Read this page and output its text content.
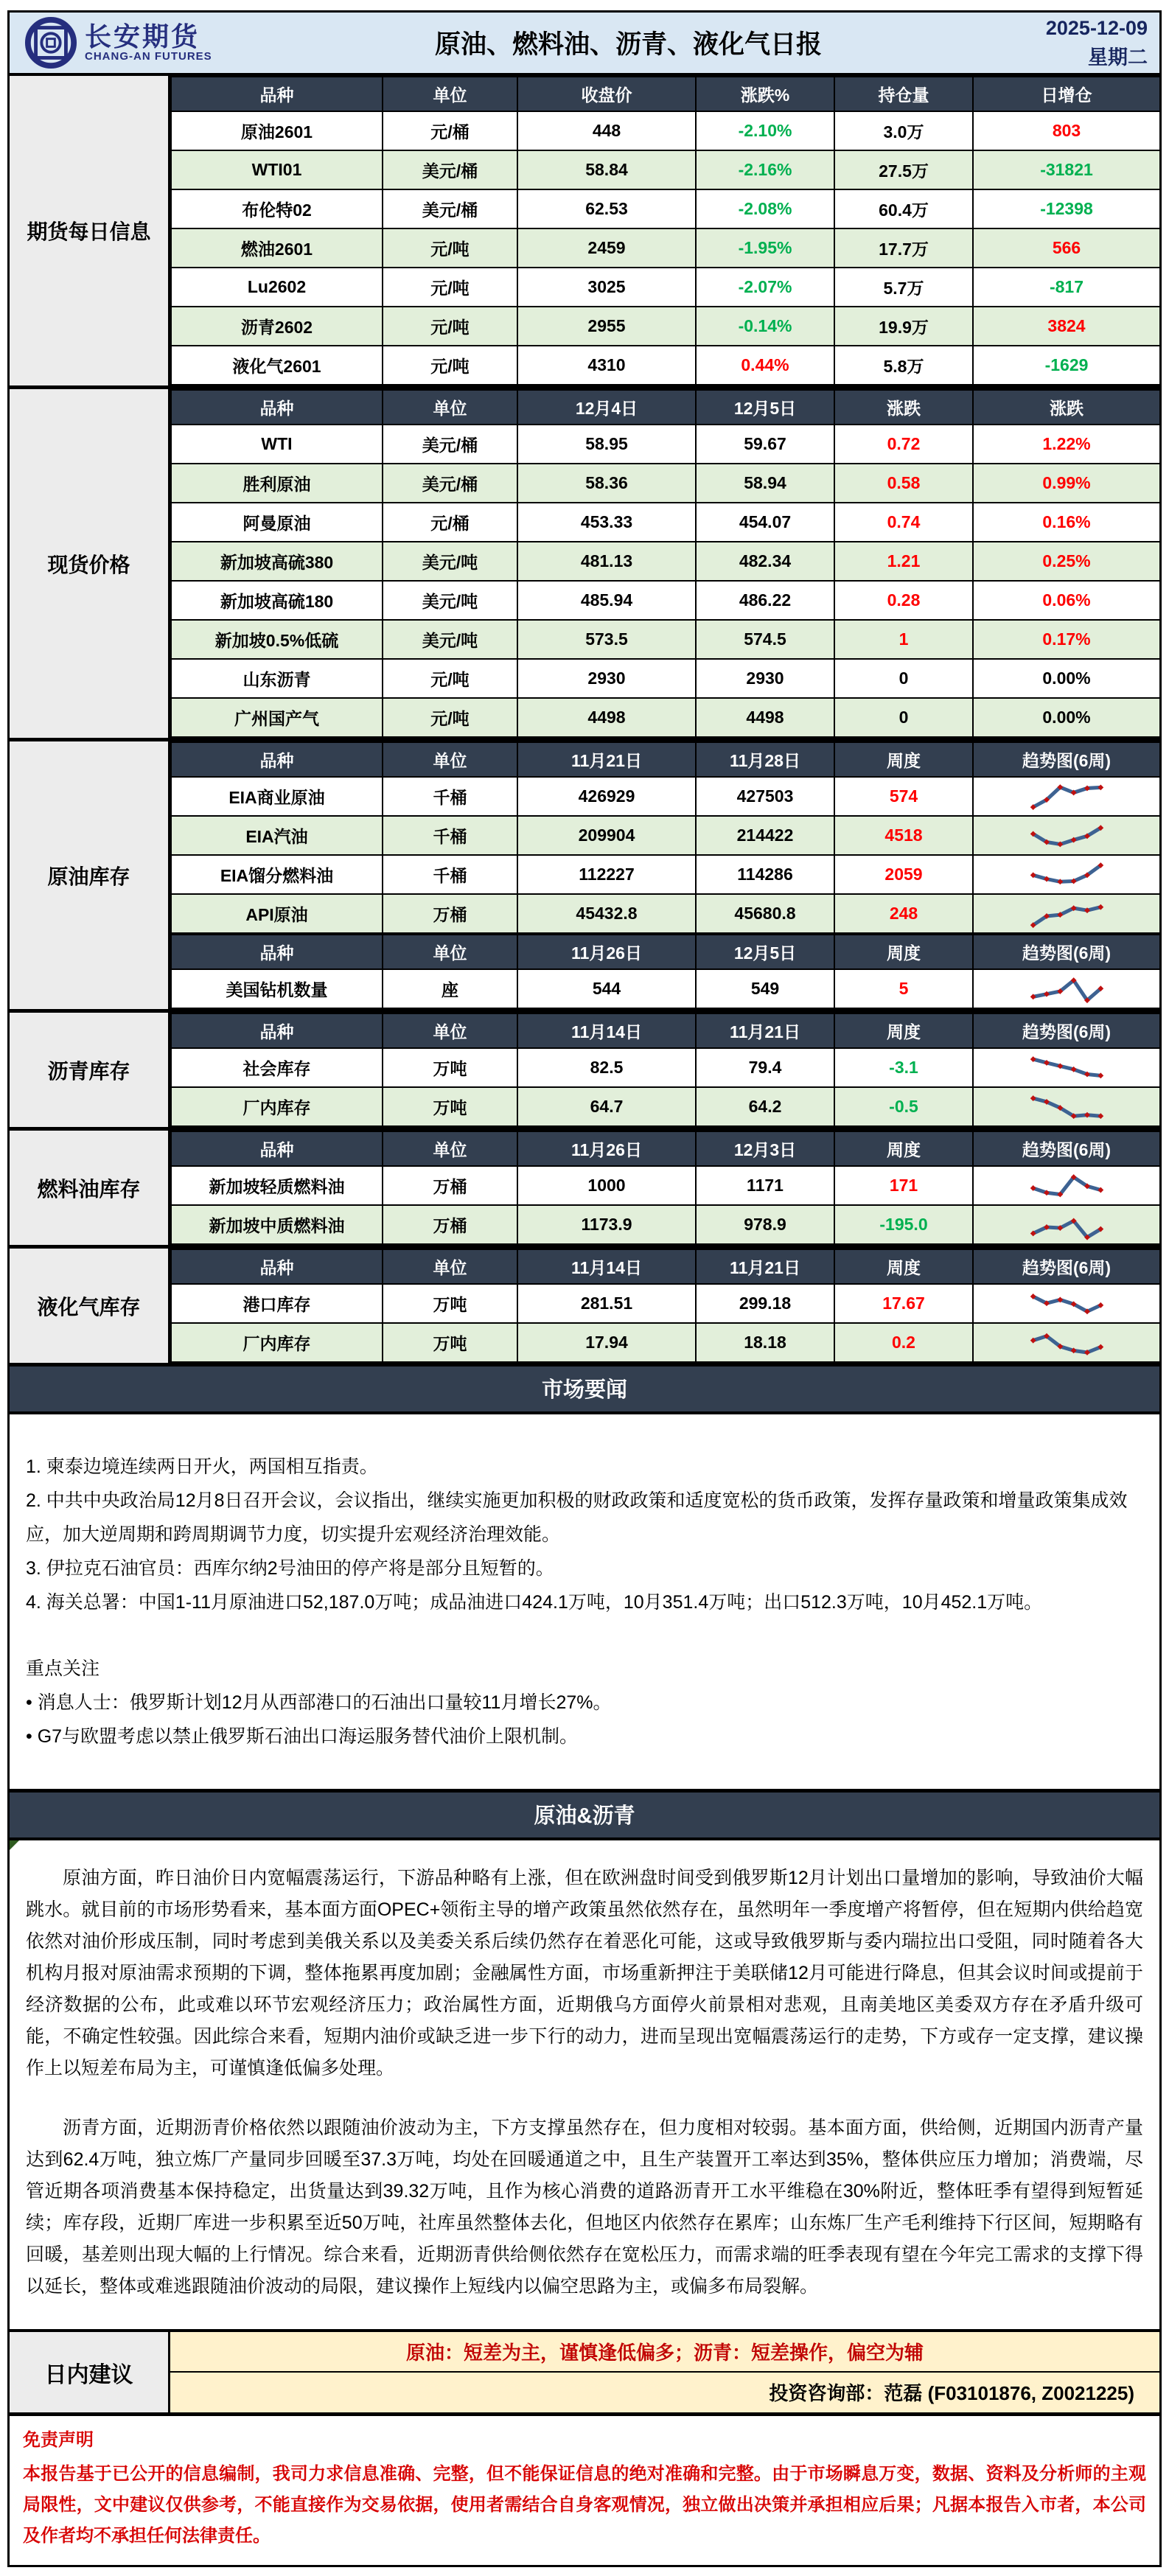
长安期货
CHANG-AN FUTURES	原油、燃料油、沥青、液化气日报
2025-12-09
星期二
期货每日信息
品种	单位	收盘价	涨跌%	持仓量	日增仓
原油2601	元/桶	448	-2.10%	3.0万	803
WTI01	美元/桶	58.84	-2.16%	27.5万	-31821
布伦特02	美元/桶	62.53	-2.08%	60.4万	-12398
燃油2601	元/吨	2459	-1.95%	17.7万	566
Lu2602	元/吨	3025	-2.07%	5.7万	-817
沥青2602	元/吨	2955	-0.14%	19.9万	3824
液化气2601	元/吨	4310	0.44%	5.8万	-1629
现货价格
品种	单位	12月4日	12月5日	涨跌	涨跌
WTI	美元/桶	58.95	59.67	0.72	1.22%
胜利原油	美元/桶	58.36	58.94	0.58	0.99%
阿曼原油	元/桶	453.33	454.07	0.74	0.16%
新加坡高硫380	美元/吨	481.13	482.34	1.21	0.25%
新加坡高硫180	美元/吨	485.94	486.22	0.28	0.06%
新加坡0.5%低硫	美元/吨	573.5	574.5	1	0.17%
山东沥青	元/吨	2930	2930	0	0.00%
广州国产气	元/吨	4498	4498	0	0.00%
原油库存
品种	单位	11月21日	11月28日	周度	趋势图(6周)
EIA商业原油	千桶	426929	427503	574	

EIA汽油	千桶	209904	214422	4518	

EIA馏分燃料油	千桶	112227	114286	2059	

API原油	万桶	45432.8	45680.8	248	
品种	单位	11月26日	12月5日	周度	趋势图(6周)
美国钻机数量	座	544	549	5	
沥青库存
品种	单位	11月14日	11月21日	周度	趋势图(6周)
社会库存	万吨	82.5	79.4	-3.1	

厂内库存	万吨	64.7	64.2	-0.5	
燃料油库存
品种	单位	11月26日	12月3日	周度	趋势图(6周)
新加坡轻质燃料油	万桶	1000	1171	171	

新加坡中质燃料油	万桶	1173.9	978.9	-195.0	
液化气库存
品种	单位	11月14日	11月21日	周度	趋势图(6周)
港口库存	万吨	281.51	299.18	17.67	

厂内库存	万吨	17.94	18.18	0.2	
市场要闻
1. 柬泰边境连续两日开火，两国相互指责。
2. 中共中央政治局12月8日召开会议，会议指出，继续实施更加积极的财政政策和适度宽松的货币政策，发挥存量政策和增量政策集成效应，加大逆周期和跨周期调节力度，切实提升宏观经济治理效能。
3. 伊拉克石油官员：西库尔纳2号油田的停产将是部分且短暂的。
4. 海关总署：中国1-11月原油进口52,187.0万吨；成品油进口424.1万吨，10月351.4万吨；出口512.3万吨，10月452.1万吨。
重点关注
• 消息人士：俄罗斯计划12月从西部港口的石油出口量较11月增长27%。
• G7与欧盟考虑以禁止俄罗斯石油出口海运服务替代油价上限机制。
原油&沥青

原油方面，昨日油价日内宽幅震荡运行，下游品种略有上涨，但在欧洲盘时间受到俄罗斯12月计划出口量增加的影响，导致油价大幅跳水。就目前的市场形势看来，基本面方面OPEC+领衔主导的增产政策虽然依然存在，虽然明年一季度增产将暂停，但在短期内供给趋宽依然对油价形成压制，同时考虑到美俄关系以及美委关系后续仍然存在着恶化可能，这或导致俄罗斯与委内瑞拉出口受阻，同时随着各大机构月报对原油需求预期的下调，整体拖累再度加剧；金融属性方面，市场重新押注于美联储12月可能进行降息，但其会议时间或提前于经济数据的公布，此或难以环节宏观经济压力；政治属性方面，近期俄乌方面停火前景相对悲观，且南美地区美委双方存在矛盾升级可能，不确定性较强。因此综合来看，短期内油价或缺乏进一步下行的动力，进而呈现出宽幅震荡运行的走势，下方或存一定支撑，建议操作上以短差布局为主，可谨慎逢低偏多处理。

沥青方面，近期沥青价格依然以跟随油价波动为主，下方支撑虽然存在，但力度相对较弱。基本面方面，供给侧，近期国内沥青产量达到62.4万吨，独立炼厂产量同步回暖至37.3万吨，均处在回暖通道之中，且生产装置开工率达到35%，整体供应压力增加；消费端，尽管近期各项消费基本保持稳定，出货量达到39.32万吨，且作为核心消费的道路沥青开工水平维稳在30%附近，整体旺季有望得到短暂延续；库存段，近期厂库进一步积累至近50万吨，社库虽然整体去化，但地区内依然存在累库；山东炼厂生产毛利维持下行区间，短期略有回暖，基差则出现大幅的上行情况。综合来看，近期沥青供给侧依然存在宽松压力，而需求端的旺季表现有望在今年完工需求的支撑下得以延长，整体或难逃跟随油价波动的局限，建议操作上短线内以偏空思路为主，或偏多布局裂解。

日内建议
原油：短差为主，谨慎逢低偏多；沥青：短差操作，偏空为辅
投资咨询部：范磊 (F03101876, Z0021225)
免责声明
本报告基于已公开的信息编制，我司力求信息准确、完整，但不能保证信息的绝对准确和完整。由于市场瞬息万变，数据、资料及分析师的主观局限性，文中建议仅供参考，不能直接作为交易依据，使用者需结合自身客观情况，独立做出决策并承担相应后果；凡据本报告入市者，本公司及作者均不承担任何法律责任。
